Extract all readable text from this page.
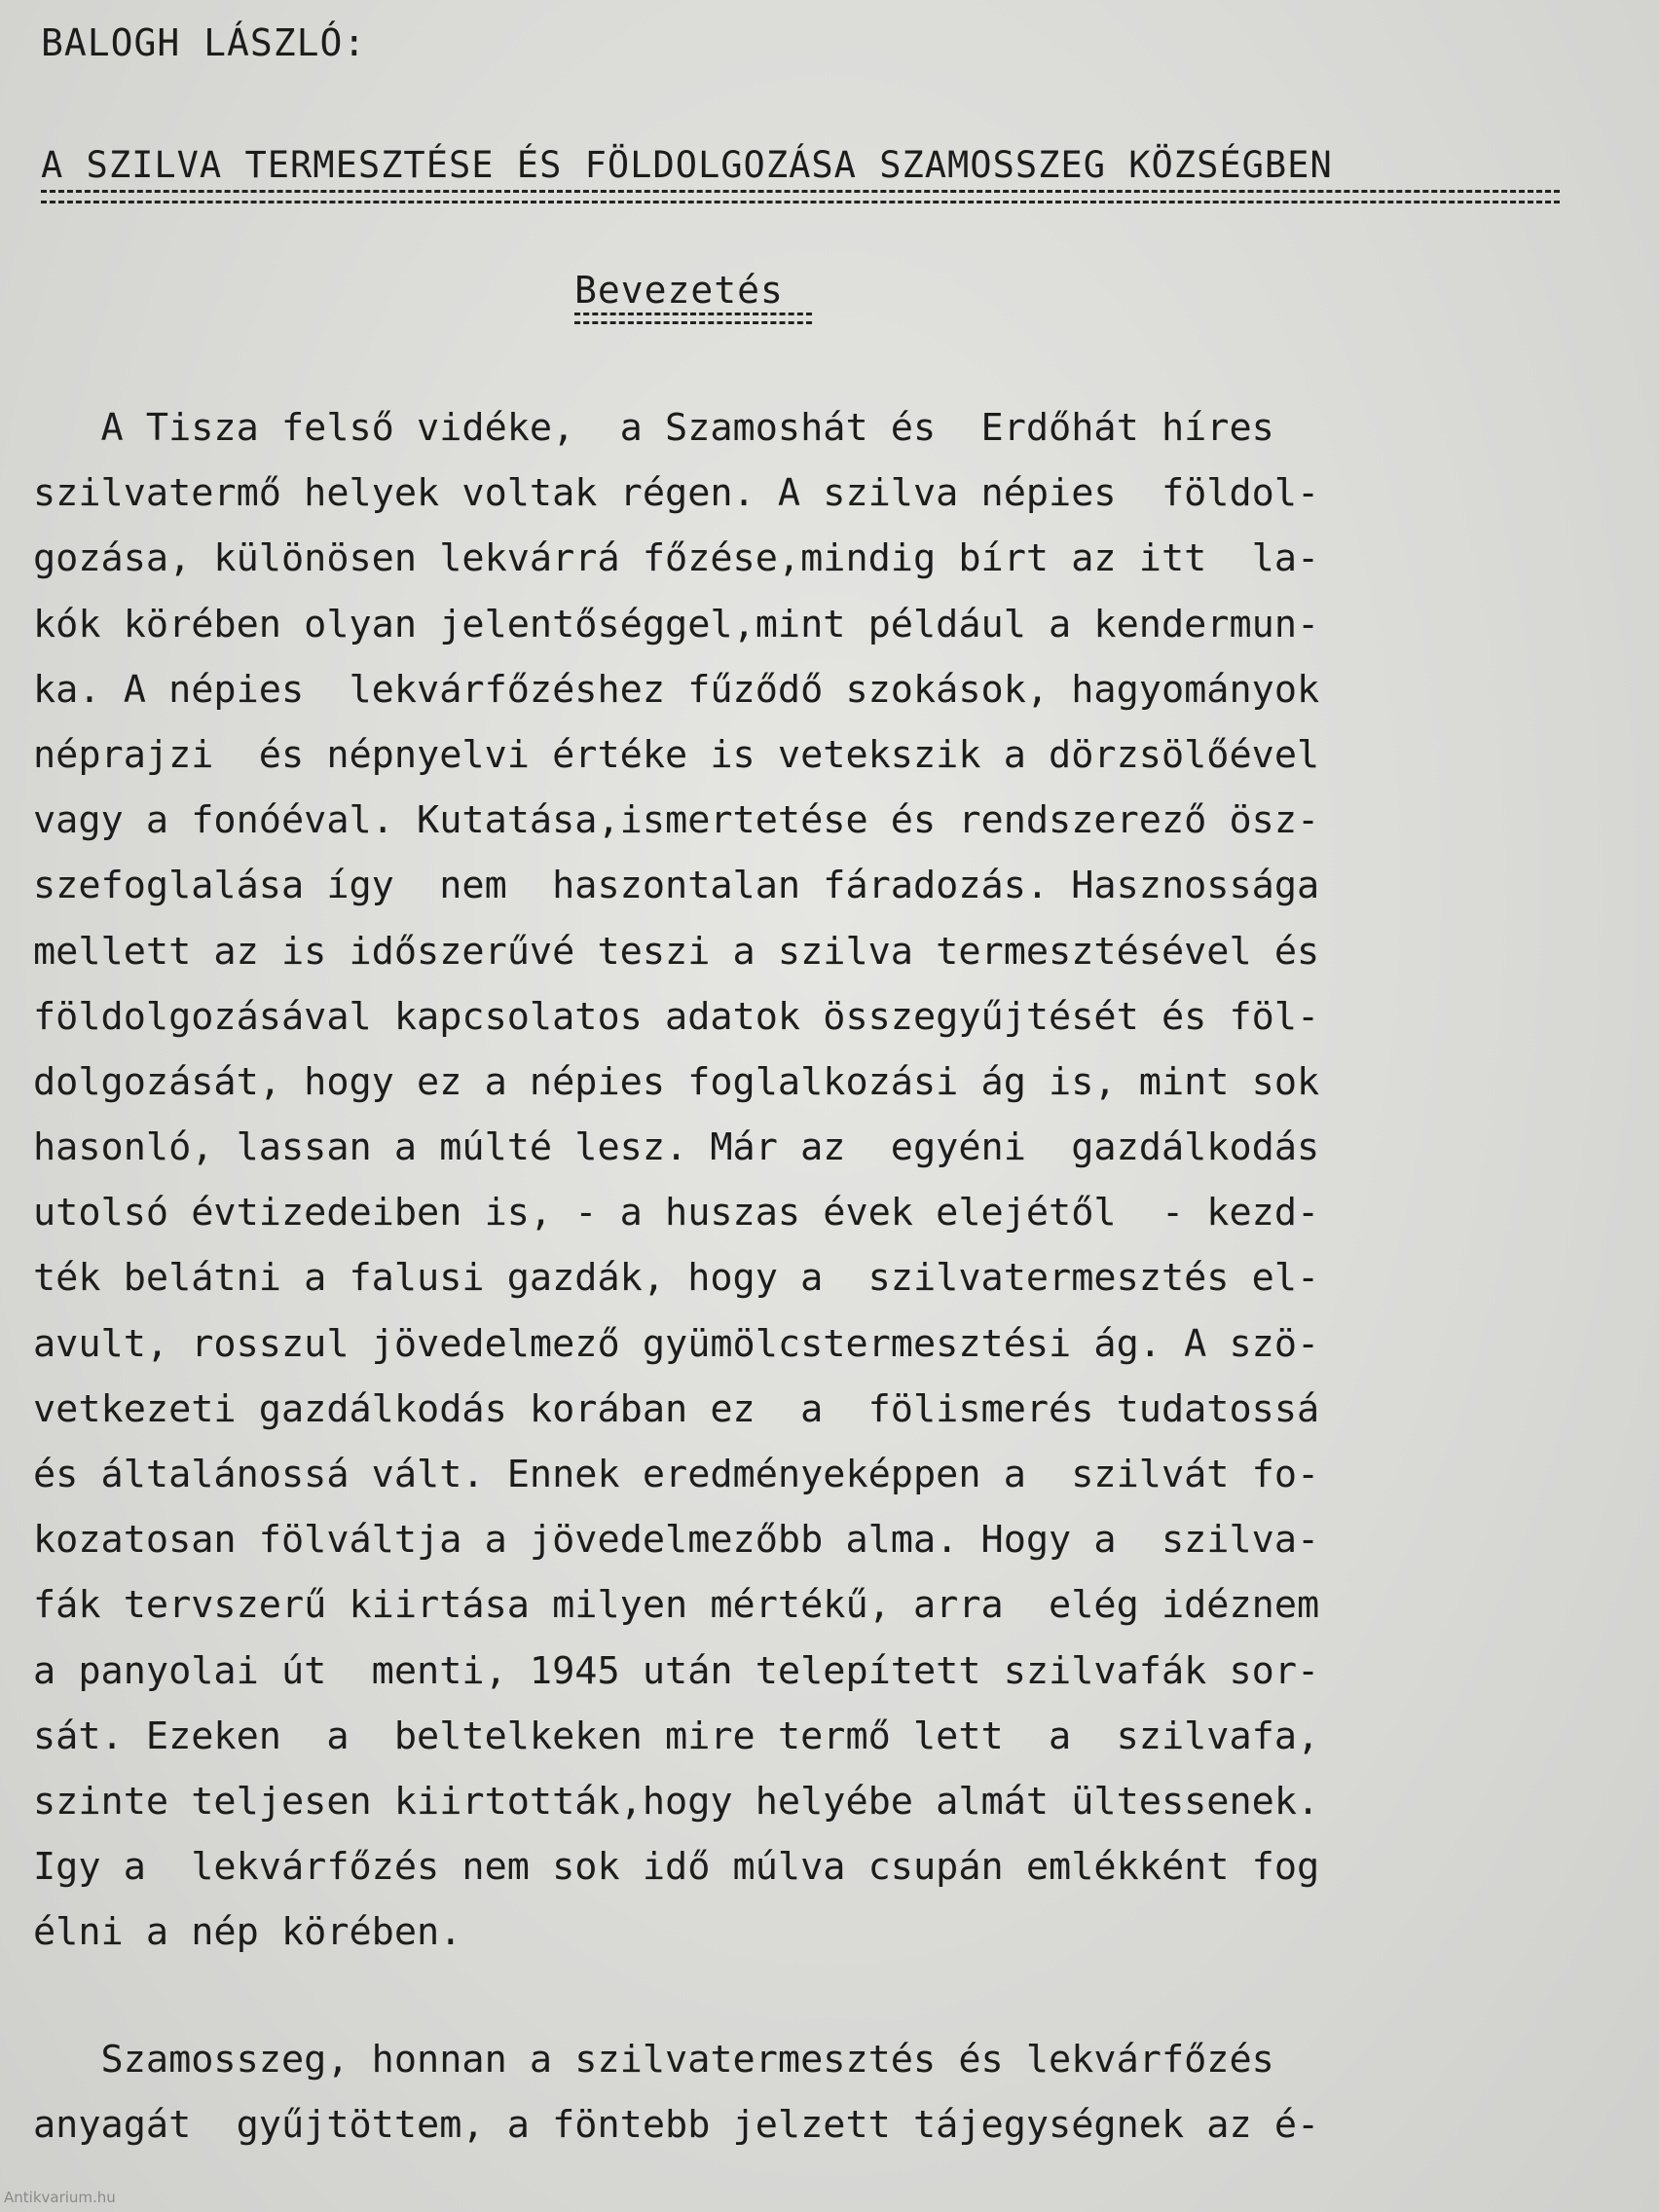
BALOGH LÁSZLÓ:
A SZILVA TERMESZTÉSE ÉS FÖLDOLGOZÁSA SZAMOSSZEG KÖZSÉGBEN
Bevezetés
A Tisza felső vidéke,  a Szamoshát és  Erdőhát híres
szilvatermő helyek voltak régen. A szilva népies  földol-
gozása, különösen lekvárrá főzése,mindig bírt az itt  la-
kók körében olyan jelentőséggel,mint például a kendermun-
ka. A népies  lekvárfőzéshez fűződő szokások, hagyományok
néprajzi  és népnyelvi értéke is vetekszik a dörzsölőével
vagy a fonóéval. Kutatása,ismertetése és rendszerező ösz-
szefoglalása így  nem  haszontalan fáradozás. Hasznossága
mellett az is időszerűvé teszi a szilva termesztésével és
földolgozásával kapcsolatos adatok összegyűjtését és föl-
dolgozását, hogy ez a népies foglalkozási ág is, mint sok
hasonló, lassan a múlté lesz. Már az  egyéni  gazdálkodás
utolsó évtizedeiben is, - a huszas évek elejétől  - kezd-
ték belátni a falusi gazdák, hogy a  szilvatermesztés el-
avult, rosszul jövedelmező gyümölcstermesztési ág. A szö-
vetkezeti gazdálkodás korában ez  a  fölismerés tudatossá
és általánossá vált. Ennek eredményeképpen a  szilvát fo-
kozatosan fölváltja a jövedelmezőbb alma. Hogy a  szilva-
fák tervszerű kiirtása milyen mértékű, arra  elég idéznem
a panyolai út  menti, 1945 után telepített szilvafák sor-
sát. Ezeken  a  beltelkeken mire termő lett  a  szilvafa,
szinte teljesen kiirtották,hogy helyébe almát ültessenek.
Igy a  lekvárfőzés nem sok idő múlva csupán emlékként fog
élni a nép körében.
Szamosszeg, honnan a szilvatermesztés és lekvárfőzés
anyagát  gyűjtöttem, a föntebb jelzett tájegységnek az é-
Antikvarium.hu
